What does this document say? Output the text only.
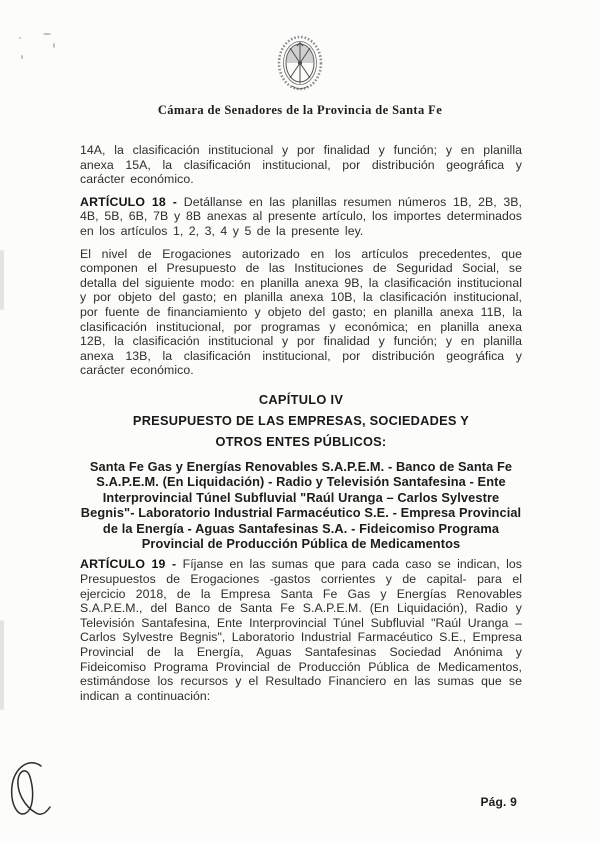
Cámara de Senadores de la Provincia de Santa Fe

14A, la clasificación institucional y por finalidad y función; y en planilla anexa 15A, la clasificación institucional, por distribución geográfica y carácter económico.

ARTÍCULO 18 - Detállanse en las planillas resumen números 1B, 2B, 3B, 4B, 5B, 6B, 7B y 8B anexas al presente artículo, los importes determinados en los artículos 1, 2, 3, 4 y 5 de la presente ley.

El nivel de Erogaciones autorizado en los artículos precedentes, que componen el Presupuesto de las Instituciones de Seguridad Social, se detalla del siguiente modo: en planilla anexa 9B, la clasificación institucional y por objeto del gasto; en planilla anexa 10B, la clasificación institucional, por fuente de financiamiento y objeto del gasto; en planilla anexa 11B, la clasificación institucional, por programas y económica; en planilla anexa 12B, la clasificación institucional y por finalidad y función; y en planilla anexa 13B, la clasificación institucional, por distribución geográfica y carácter económico.

CAPÍTULO IV
PRESUPUESTO DE LAS EMPRESAS, SOCIEDADES Y
OTROS ENTES PÚBLICOS:

Santa Fe Gas y Energías Renovables S.A.P.E.M. - Banco de Santa Fe S.A.P.E.M. (En Liquidación) - Radio y Televisión Santafesina - Ente Interprovincial Túnel Subfluvial "Raúl Uranga – Carlos Sylvestre Begnis"- Laboratorio Industrial Farmacéutico S.E. - Empresa Provincial de la Energía - Aguas Santafesinas S.A. - Fideicomiso Programa Provincial de Producción Pública de Medicamentos

ARTÍCULO 19 - Fíjanse en las sumas que para cada caso se indican, los Presupuestos de Erogaciones -gastos corrientes y de capital- para el ejercicio 2018, de la Empresa Santa Fe Gas y Energías Renovables S.A.P.E.M., del Banco de Santa Fe S.A.P.E.M. (En Liquidación), Radio y Televisión Santafesina, Ente Interprovincial Túnel Subfluvial "Raúl Uranga – Carlos Sylvestre Begnis", Laboratorio Industrial Farmacéutico S.E., Empresa Provincial de la Energía, Aguas Santafesinas Sociedad Anónima y Fideicomiso Programa Provincial de Producción Pública de Medicamentos, estimándose los recursos y el Resultado Financiero en las sumas que se indican a continuación:

Pág. 9
